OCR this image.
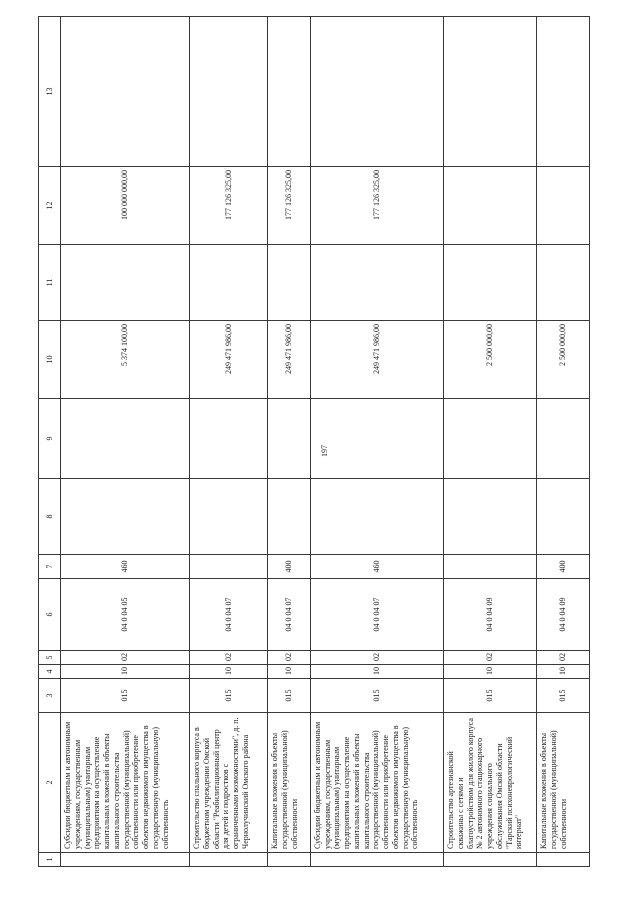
197
1	2	3	4	5	6	7	8	9	10	11	12	13
	Субсидии бюджетным и автономным учреждениям, государственным (муниципальным) унитарным предприятиям на осуществление капитальных вложений в объекты капитального строительства государственной (муниципальной) собственности или приобретение объектов недвижимого имущества в государственную (муниципальную) собственность	015	10	02	04 0 04 05	460			5 374 100,00		100 000 000,00	
	Строительство спального корпуса в бюджетном учреждении Омской области "Реабилитационный центр для детей и подростков с ограниченными возможностями", д. п. Чернолучинский Омского района	015	10	02	04 0 04 07				249 471 986,00		177 126 325,00	
	Капитальные вложения в объекты государственной (муниципальной) собственности	015	10	02	04 0 04 07	400			249 471 986,00		177 126 325,00	
	Субсидии бюджетным и автономным учреждениям, государственным (муниципальным) унитарным предприятиям на осуществление капитальных вложений в объекты капитального строительства государственной (муниципальной) собственности или приобретение объектов недвижимого имущества в государственную (муниципальную) собственность	015	10	02	04 0 04 07	460			249 471 986,00		177 126 325,00	
	Строительство артезианской скважины с сетями и благоустройством для жилого корпуса № 2 автономного стационарного учреждения социального обслуживания Омской области "Тарский психоневрологический интернат"	015	10	02	04 0 04 09				2 500 000,00			
	Капитальные вложения в объекты государственной (муниципальной) собственности	015	10	02	04 0 04 09	400			2 500 000,00			
